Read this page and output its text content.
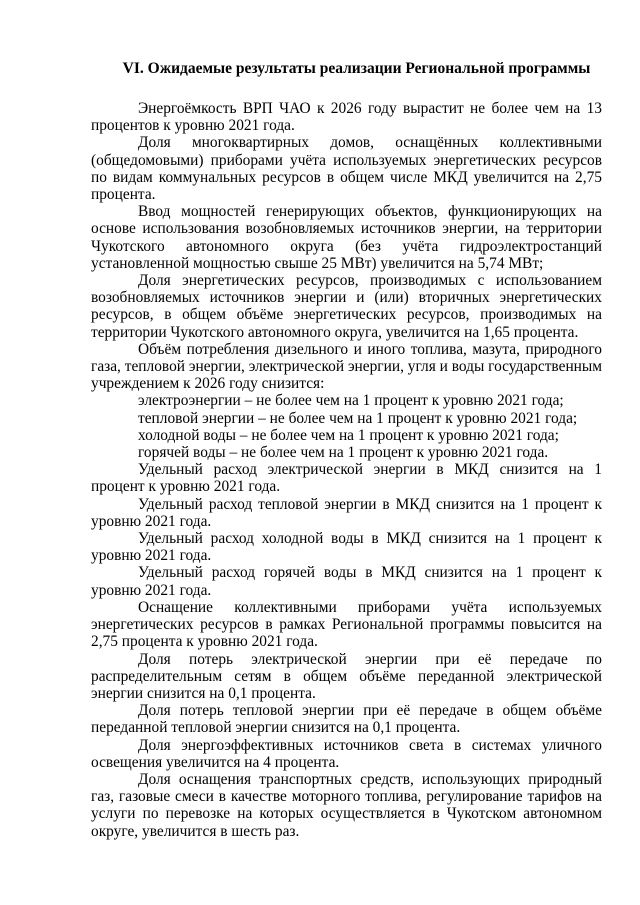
VI. Ожидаемые результаты реализации Региональной программы

Энергоёмкость ВРП ЧАО к 2026 году вырастит не более чем на 13 процентов к уровню 2021 года.

Доля многоквартирных домов, оснащённых коллективными (общедомовыми) приборами учёта используемых энергетических ресурсов по видам коммунальных ресурсов в общем числе МКД увеличится на 2,75 процента.

Ввод мощностей генерирующих объектов, функционирующих на основе использования возобновляемых источников энергии, на территории Чукотского автономного округа (без учёта гидроэлектростанций установленной мощностью свыше 25 МВт) увеличится на 5,74 МВт;

Доля энергетических ресурсов, производимых с использованием возобновляемых источников энергии и (или) вторичных энергетических ресурсов, в общем объёме энергетических ресурсов, производимых на территории Чукотского автономного округа, увеличится на 1,65 процента.

Объём потребления дизельного и иного топлива, мазута, природного газа, тепловой энергии, электрической энергии, угля и воды государственным учреждением к 2026 году снизится:

электроэнергии – не более чем на 1 процент к уровню 2021 года;

тепловой энергии – не более чем на 1 процент к уровню 2021 года;

холодной воды – не более чем на 1 процент к уровню 2021 года;

горячей воды – не более чем на 1 процент к уровню 2021 года.

Удельный расход электрической энергии в МКД снизится на 1 процент к уровню 2021 года.

Удельный расход тепловой энергии в МКД снизится на 1 процент к уровню 2021 года.

Удельный расход холодной воды в МКД снизится на 1 процент к уровню 2021 года.

Удельный расход горячей воды в МКД снизится на 1 процент к уровню 2021 года.

Оснащение коллективными приборами учёта используемых энергетических ресурсов в рамках Региональной программы повысится на 2,75 процента к уровню 2021 года.

Доля потерь электрической энергии при её передаче по распределительным сетям в общем объёме переданной электрической энергии снизится на 0,1 процента.

Доля потерь тепловой энергии при её передаче в общем объёме переданной тепловой энергии снизится на 0,1 процента.

Доля энергоэффективных источников света в системах уличного освещения увеличится на 4 процента.

Доля оснащения транспортных средств, использующих природный газ, газовые смеси в качестве моторного топлива, регулирование тарифов на услуги по перевозке на которых осуществляется в Чукотском автономном округе, увеличится в шесть раз.
